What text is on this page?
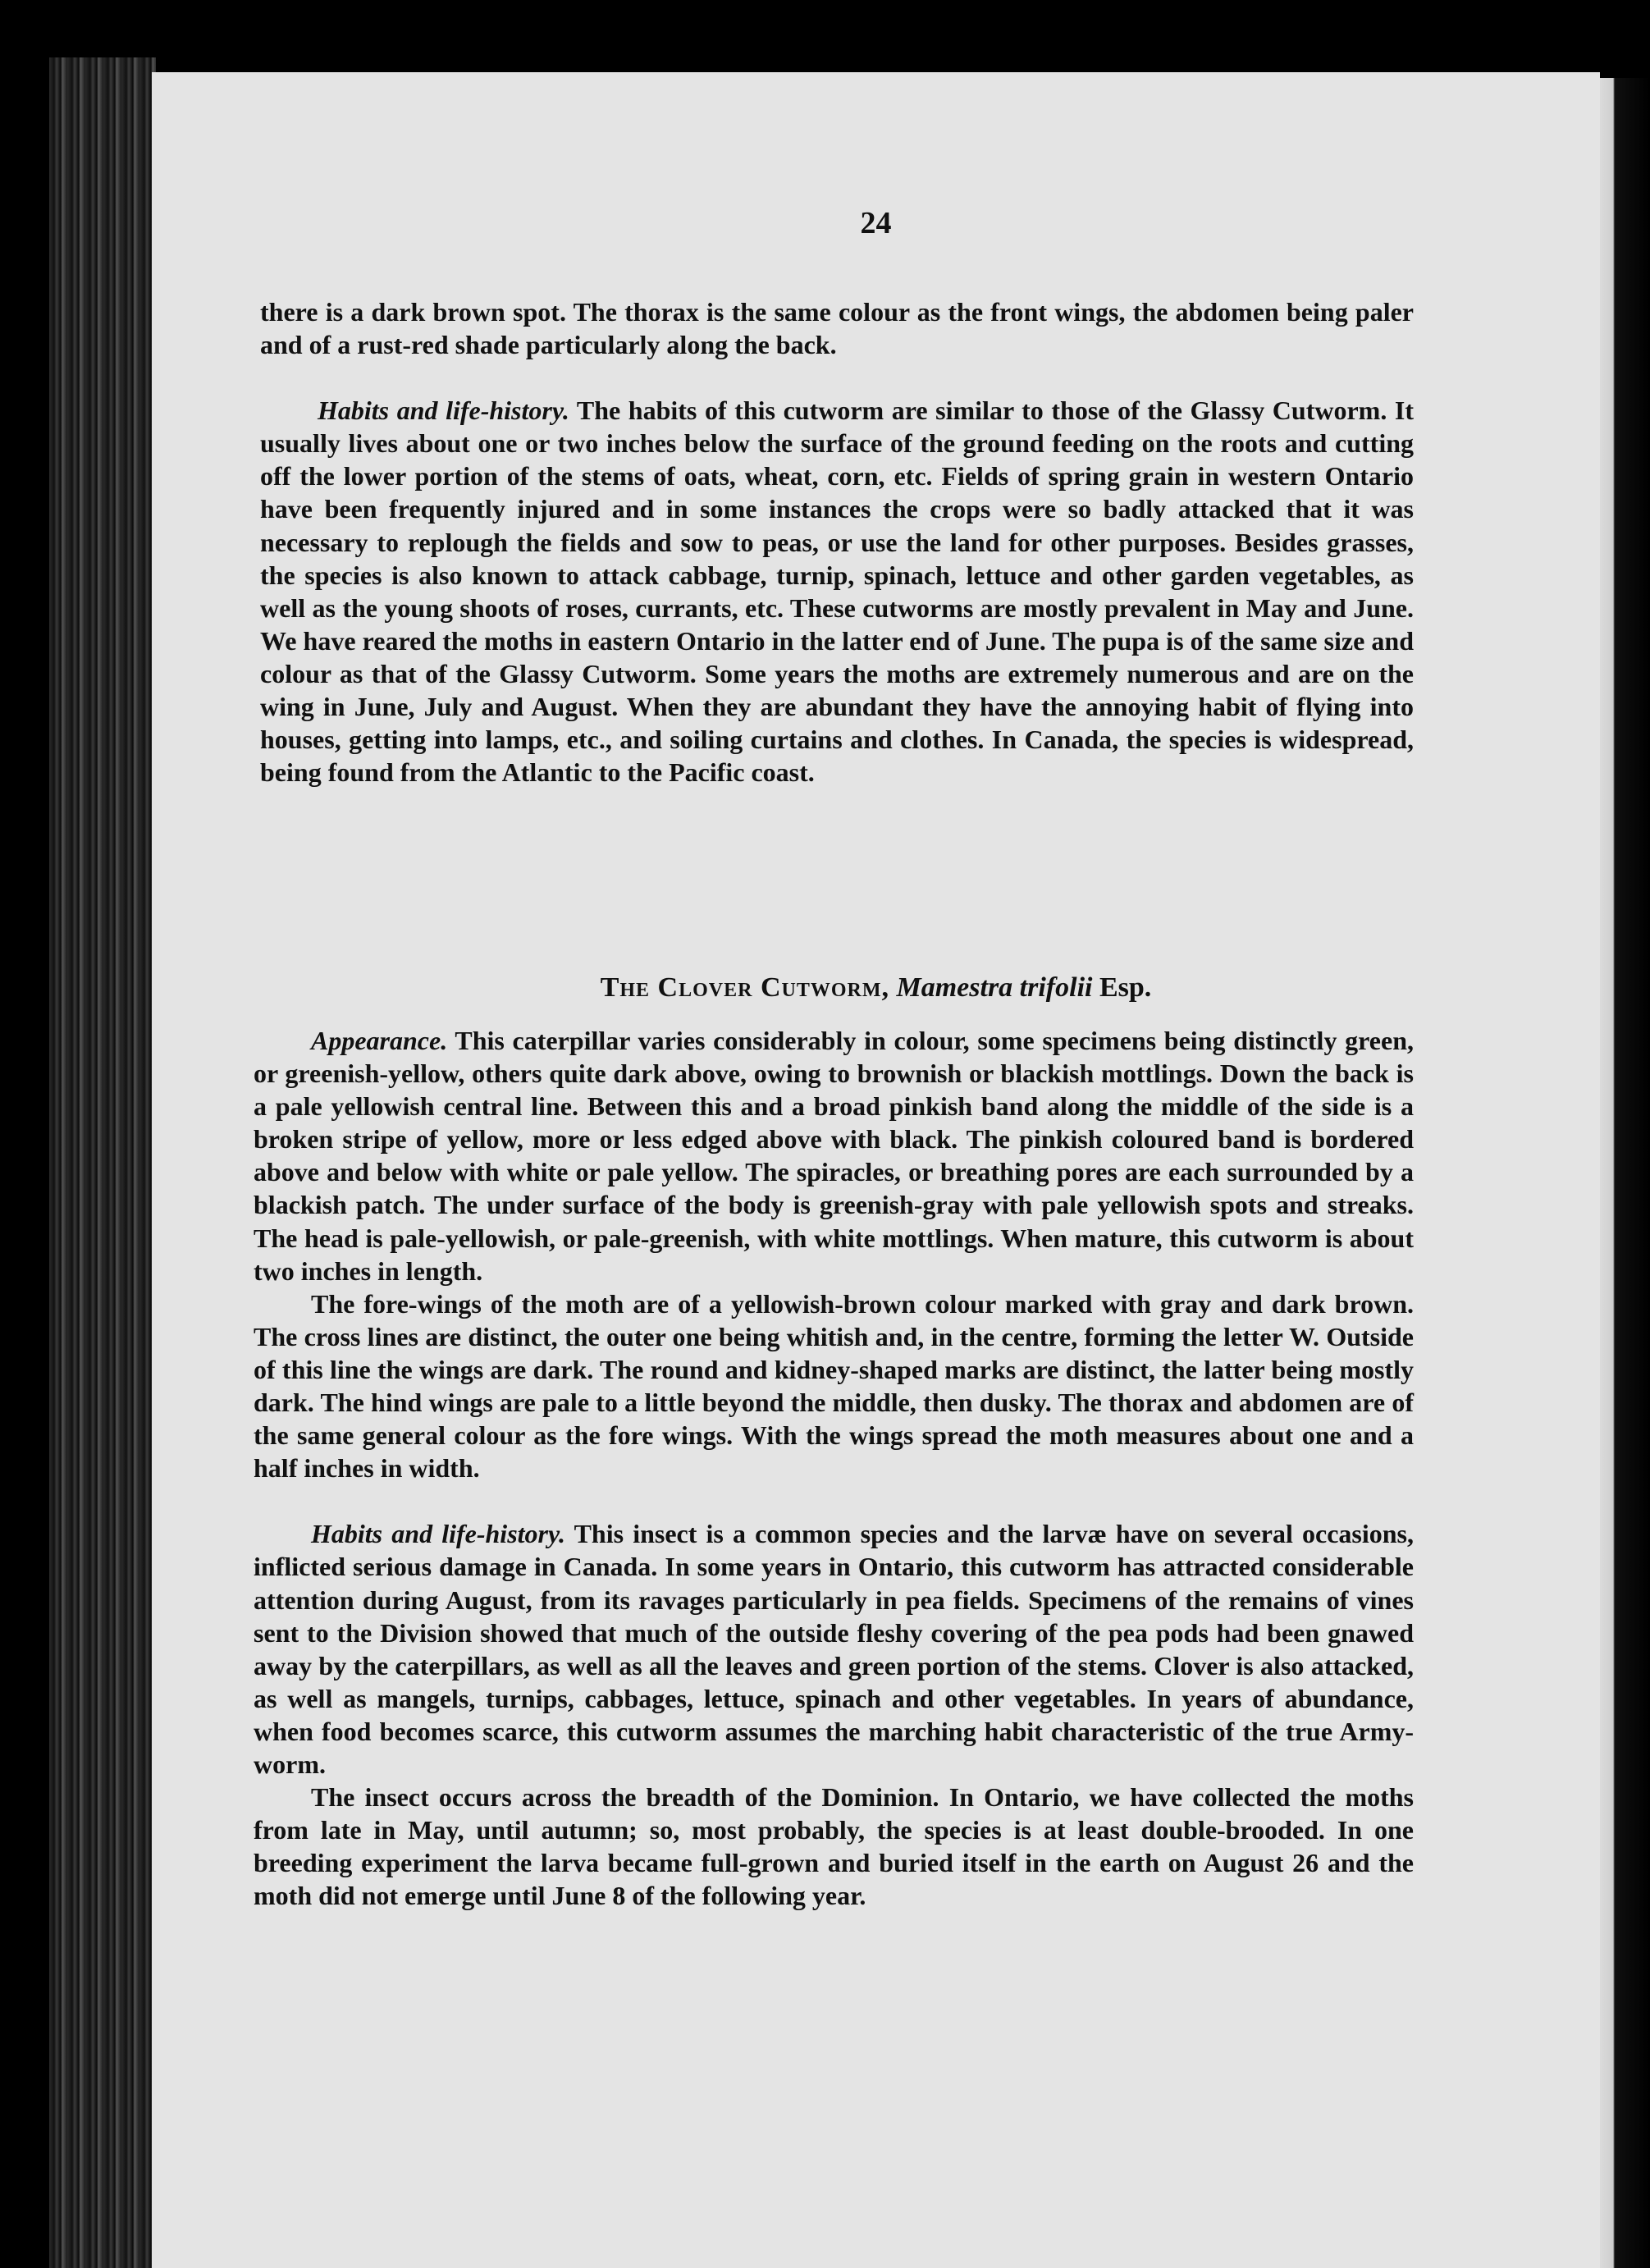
24

there is a dark brown spot. The thorax is the same colour as the front wings, the abdomen being paler and of a rust-red shade particularly along the back.

Habits and life-history. The habits of this cutworm are similar to those of the Glassy Cutworm. It usually lives about one or two inches below the surface of the ground feeding on the roots and cutting off the lower portion of the stems of oats, wheat, corn, etc. Fields of spring grain in western Ontario have been frequently injured and in some instances the crops were so badly attacked that it was necessary to replough the fields and sow to peas, or use the land for other purposes. Besides grasses, the species is also known to attack cabbage, turnip, spinach, lettuce and other garden vegetables, as well as the young shoots of roses, currants, etc. These cutworms are mostly prevalent in May and June. We have reared the moths in eastern Ontario in the latter end of June. The pupa is of the same size and colour as that of the Glassy Cutworm. Some years the moths are extremely numerous and are on the wing in June, July and August. When they are abundant they have the annoying habit of flying into houses, getting into lamps, etc., and soiling curtains and clothes. In Canada, the species is widespread, being found from the Atlantic to the Pacific coast.

The Clover Cutworm, Mamestra trifolii Esp.

Appearance. This caterpillar varies considerably in colour, some specimens being distinctly green, or greenish-yellow, others quite dark above, owing to brownish or blackish mottlings. Down the back is a pale yellowish central line. Between this and a broad pinkish band along the middle of the side is a broken stripe of yellow, more or less edged above with black. The pinkish coloured band is bordered above and below with white or pale yellow. The spiracles, or breathing pores are each surrounded by a blackish patch. The under surface of the body is greenish-gray with pale yellowish spots and streaks. The head is pale-yellowish, or pale-greenish, with white mottlings. When mature, this cutworm is about two inches in length.

The fore-wings of the moth are of a yellowish-brown colour marked with gray and dark brown. The cross lines are distinct, the outer one being whitish and, in the centre, forming the letter W. Outside of this line the wings are dark. The round and kidney-shaped marks are distinct, the latter being mostly dark. The hind wings are pale to a little beyond the middle, then dusky. The thorax and abdomen are of the same general colour as the fore wings. With the wings spread the moth measures about one and a half inches in width.

Habits and life-history. This insect is a common species and the larvæ have on several occasions, inflicted serious damage in Canada. In some years in Ontario, this cutworm has attracted considerable attention during August, from its ravages particularly in pea fields. Specimens of the remains of vines sent to the Division showed that much of the outside fleshy covering of the pea pods had been gnawed away by the caterpillars, as well as all the leaves and green portion of the stems. Clover is also attacked, as well as mangels, turnips, cabbages, lettuce, spinach and other vegetables. In years of abundance, when food becomes scarce, this cutworm assumes the marching habit characteristic of the true Army-worm.

The insect occurs across the breadth of the Dominion. In Ontario, we have collected the moths from late in May, until autumn; so, most probably, the species is at least double-brooded. In one breeding experiment the larva became full-grown and buried itself in the earth on August 26 and the moth did not emerge until June 8 of the following year.
